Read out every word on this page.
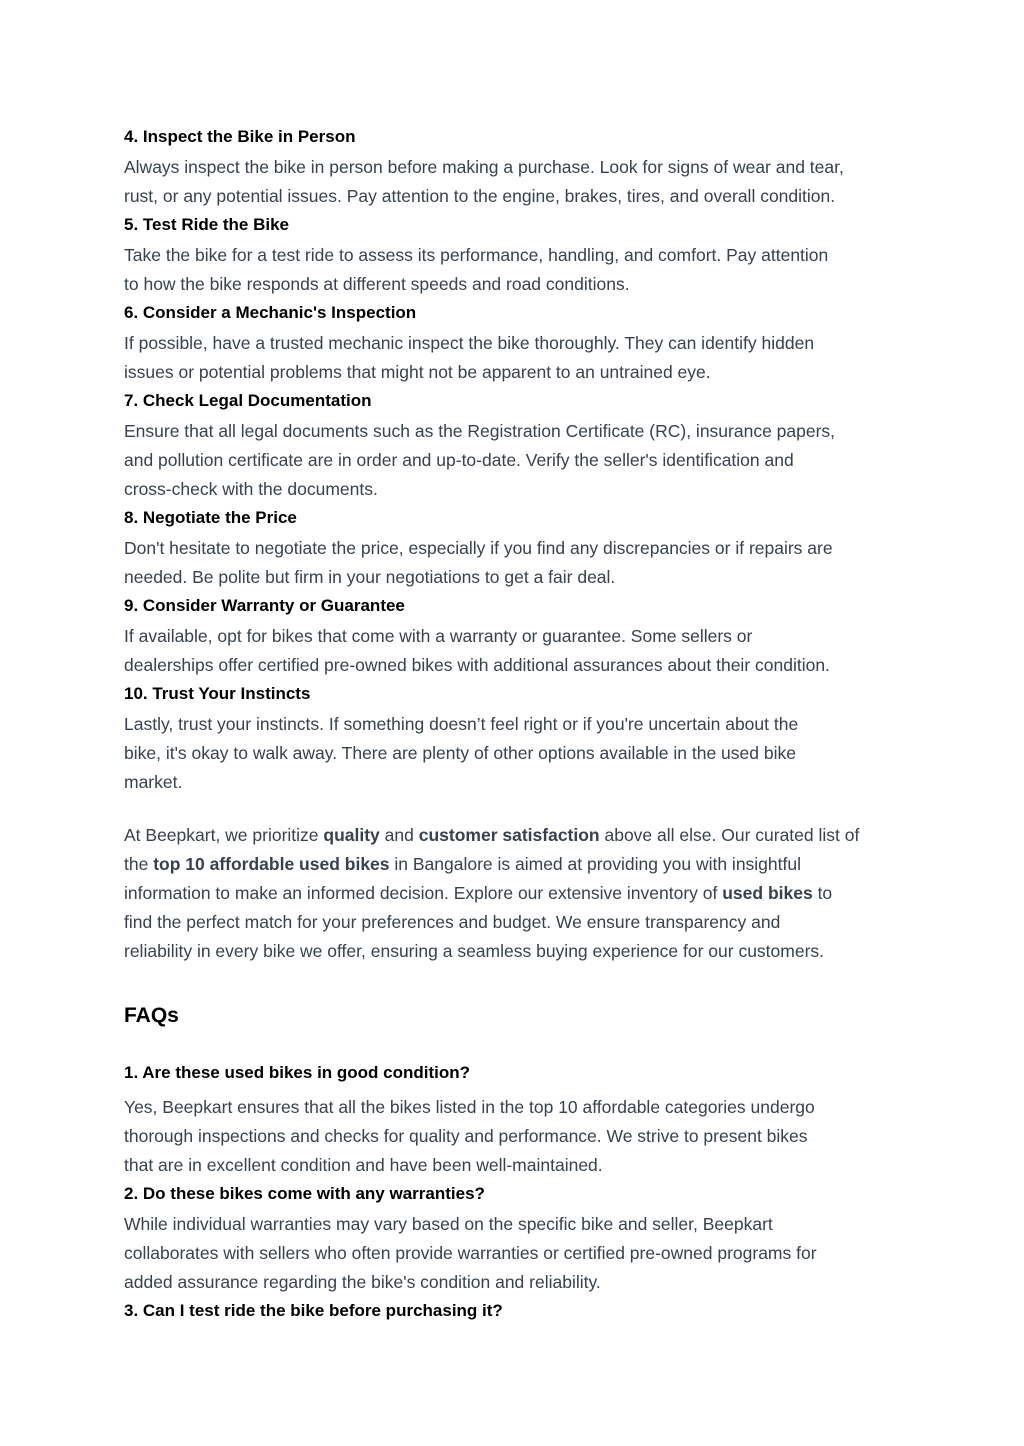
4. Inspect the Bike in Person
Always inspect the bike in person before making a purchase. Look for signs of wear and tear,
rust, or any potential issues. Pay attention to the engine, brakes, tires, and overall condition.
5. Test Ride the Bike
Take the bike for a test ride to assess its performance, handling, and comfort. Pay attention
to how the bike responds at different speeds and road conditions.
6. Consider a Mechanic's Inspection
If possible, have a trusted mechanic inspect the bike thoroughly. They can identify hidden
issues or potential problems that might not be apparent to an untrained eye.
7. Check Legal Documentation
Ensure that all legal documents such as the Registration Certificate (RC), insurance papers,
and pollution certificate are in order and up-to-date. Verify the seller's identification and
cross-check with the documents.
8. Negotiate the Price
Don't hesitate to negotiate the price, especially if you find any discrepancies or if repairs are
needed. Be polite but firm in your negotiations to get a fair deal.
9. Consider Warranty or Guarantee
If available, opt for bikes that come with a warranty or guarantee. Some sellers or
dealerships offer certified pre-owned bikes with additional assurances about their condition.
10. Trust Your Instincts
Lastly, trust your instincts. If something doesn’t feel right or if you're uncertain about the
bike, it's okay to walk away. There are plenty of other options available in the used bike
market.
At Beepkart, we prioritize quality and customer satisfaction above all else. Our curated list of
the top 10 affordable used bikes in Bangalore is aimed at providing you with insightful
information to make an informed decision. Explore our extensive inventory of used bikes to
find the perfect match for your preferences and budget. We ensure transparency and
reliability in every bike we offer, ensuring a seamless buying experience for our customers.
FAQs
1. Are these used bikes in good condition?
Yes, Beepkart ensures that all the bikes listed in the top 10 affordable categories undergo
thorough inspections and checks for quality and performance. We strive to present bikes
that are in excellent condition and have been well-maintained.
2. Do these bikes come with any warranties?
While individual warranties may vary based on the specific bike and seller, Beepkart
collaborates with sellers who often provide warranties or certified pre-owned programs for
added assurance regarding the bike's condition and reliability.
3. Can I test ride the bike before purchasing it?
